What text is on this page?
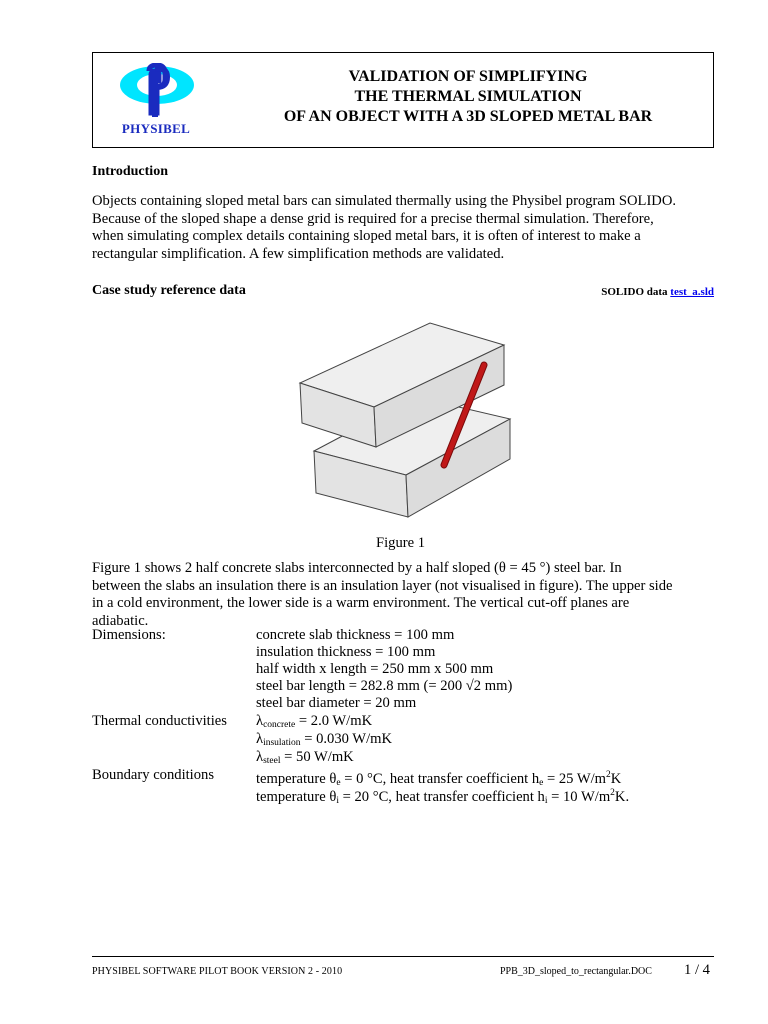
PHYSIBEL
VALIDATION OF SIMPLIFYING
THE THERMAL SIMULATION
OF AN OBJECT WITH A 3D SLOPED METAL BAR
Introduction
Objects containing sloped metal bars can simulated thermally using the Physibel program SOLIDO.
Because of the sloped shape a dense grid is required for a precise thermal simulation. Therefore,
when simulating complex details containing sloped metal bars, it is often of interest to make a
rectangular simplification. A few simplification methods are validated.
Case study reference data	SOLIDO data test_a.sld
Figure 1
Figure 1 shows 2 half concrete slabs interconnected by a half sloped (θ = 45 °) steel bar. In
between the slabs an insulation there is an insulation layer (not visualised in figure). The upper side
in a cold environment, the lower side is a warm environment. The vertical cut-off planes are
adiabatic.
Dimensions:	concrete slab thickness = 100 mm
insulation thickness = 100 mm
half width x length = 250 mm x 500 mm
steel bar length = 282.8 mm (= 200 √2 mm)
steel bar diameter = 20 mm
Thermal conductivities $\lambda_{concrete} = 2.0$ W/mK
$\lambda_{insulation} = 0.030$ W/mK
$\lambda_{steel} = 50$ W/mK
Boundary conditions	temperature $\theta_e = 0$ °C, heat transfer coefficient $h_e = 25$ $W/m^2K$
temperature $\theta_i = 20$ °C, heat transfer coefficient $h_i = 10$ $W/m^2K$.
PHYSIBEL SOFTWARE PILOT BOOK VERSION 2 - 2010	PPB_3D_sloped_to_rectangular.DOC 1 / 4
